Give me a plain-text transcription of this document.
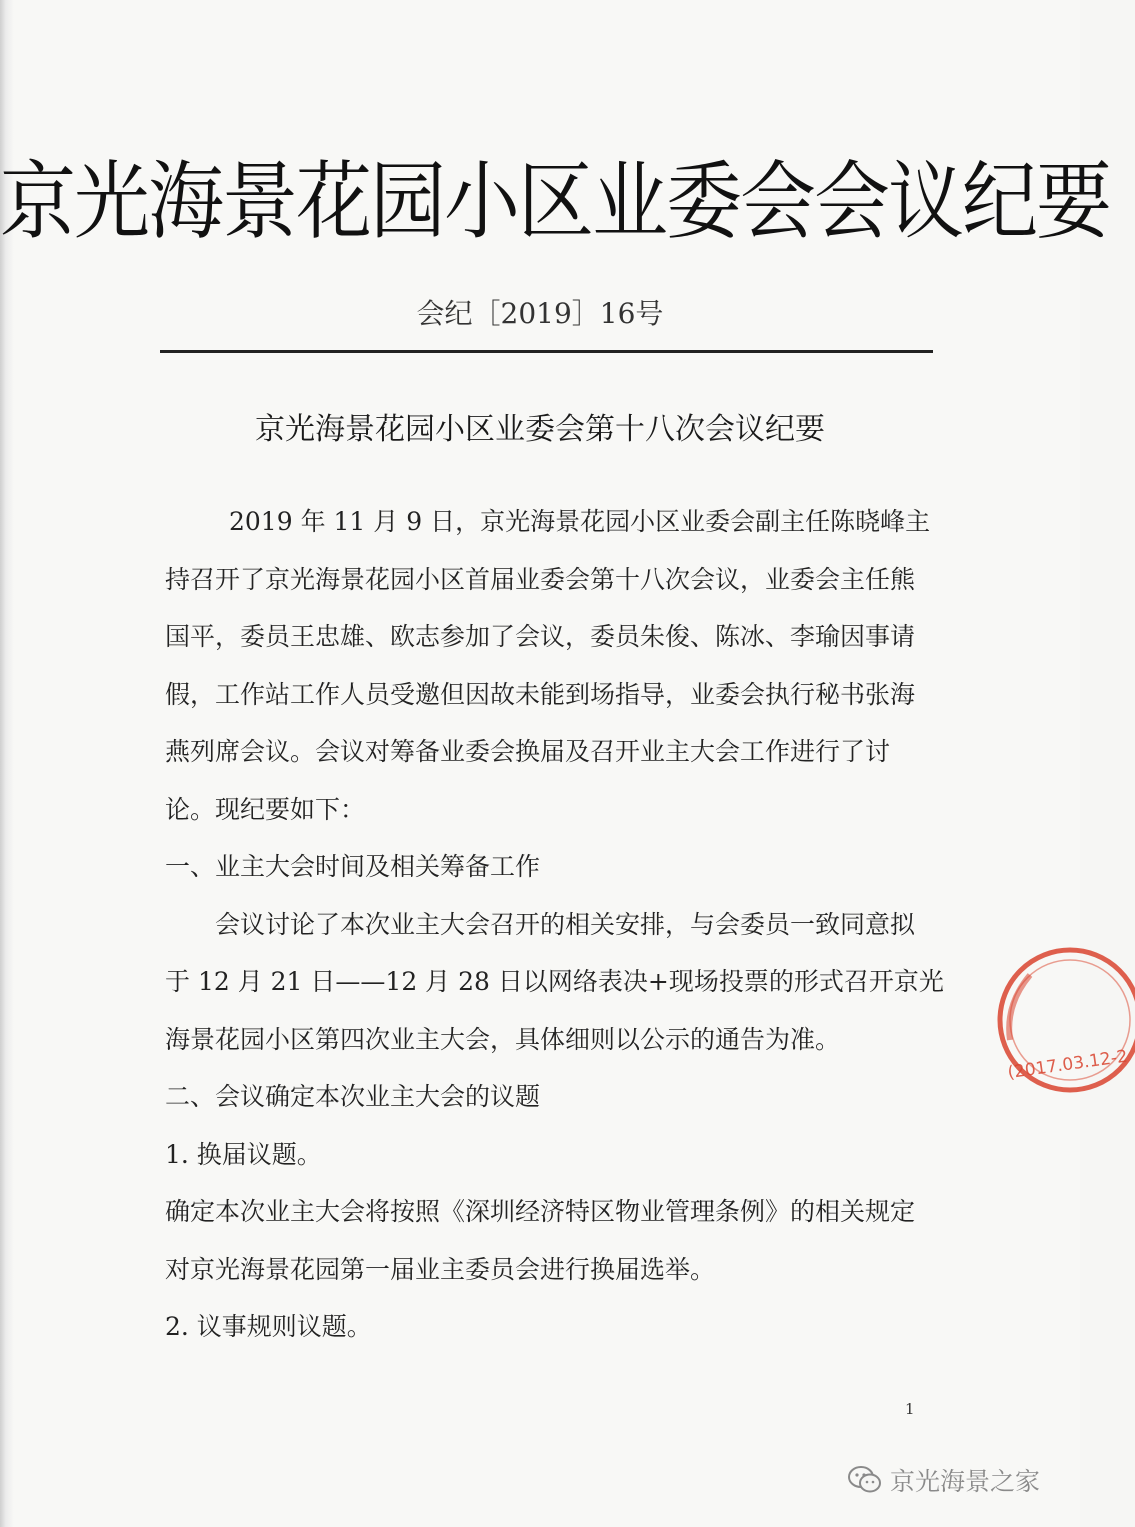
京光海景花园小区业委会会议纪要
会纪［2019］16号
京光海景花园小区业委会第十八次会议纪要
2019 年 11 月 9 日，京光海景花园小区业委会副主任陈晓峰主
持召开了京光海景花园小区首届业委会第十八次会议，业委会主任熊
国平，委员王忠雄、欧志参加了会议，委员朱俊、陈冰、李瑜因事请
假，工作站工作人员受邀但因故未能到场指导，业委会执行秘书张海
燕列席会议。会议对筹备业委会换届及召开业主大会工作进行了讨
论。现纪要如下：
一、业主大会时间及相关筹备工作
会议讨论了本次业主大会召开的相关安排，与会委员一致同意拟
于 12 月 21 日——12 月 28 日以网络表决+现场投票的形式召开京光
海景花园小区第四次业主大会，具体细则以公示的通告为准。
二、会议确定本次业主大会的议题
1. 换届议题。
确定本次业主大会将按照《深圳经济特区物业管理条例》的相关规定
对京光海景花园第一届业主委员会进行换届选举。
2. 议事规则议题。
(2017.03.12-2
1
京光海景之家
